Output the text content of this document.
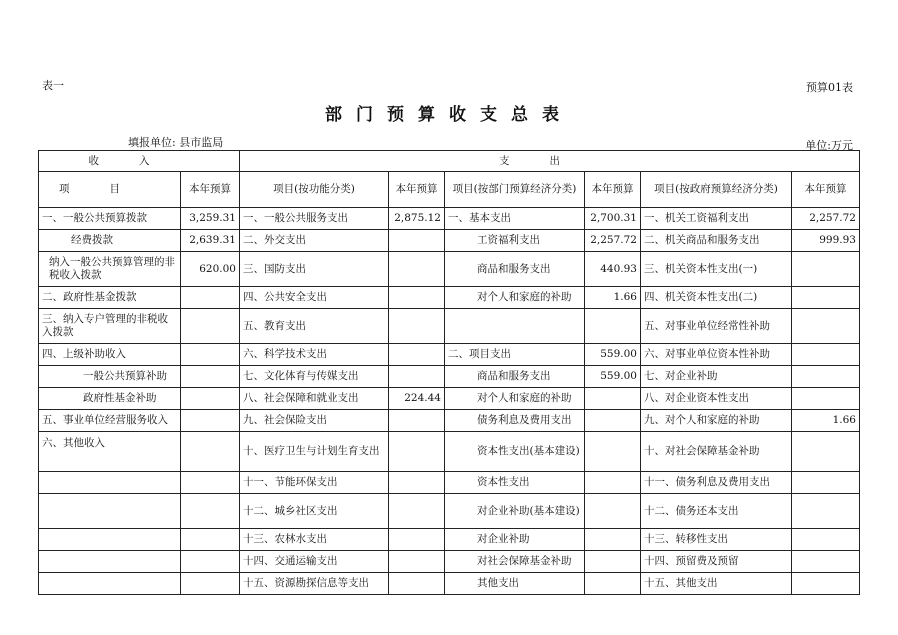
表一	预算01表
部门预算收支总表
填报单位: 县市监局	单位:万元
收入		支出					
项目	本年预算	项目(按功能分类)	本年预算	项目(按部门预算经济分类)	本年预算	项目(按政府预算经济分类)	本年预算
一、一般公共预算拨款	3,259.31	一、一般公共服务支出	2,875.12	一、基本支出	2,700.31	一、机关工资福利支出	2,257.72
经费拨款	2,639.31	二、外交支出		工资福利支出	2,257.72	二、机关商品和服务支出	999.93
纳入一般公共预算管理的非税收入拨款	620.00	三、国防支出		商品和服务支出	440.93	三、机关资本性支出(一)	
二、政府性基金拨款		四、公共安全支出		对个人和家庭的补助	1.66	四、机关资本性支出(二)	
三、纳入专户管理的非税收入拨款		五、教育支出				五、对事业单位经常性补助	
四、上级补助收入		六、科学技术支出		二、项目支出	559.00	六、对事业单位资本性补助	
一般公共预算补助		七、文化体育与传媒支出		商品和服务支出	559.00	七、对企业补助	
政府性基金补助		八、社会保障和就业支出	224.44	对个人和家庭的补助		八、对企业资本性支出	
五、事业单位经营服务收入		九、社会保险支出		债务利息及费用支出		九、对个人和家庭的补助	1.66
六、其他收入		十、医疗卫生与计划生育支出		资本性支出(基本建设)		十、对社会保障基金补助	
		十一、节能环保支出		资本性支出		十一、债务利息及费用支出	
		十二、城乡社区支出		对企业补助(基本建设)		十二、债务还本支出	
		十三、农林水支出		对企业补助		十三、转移性支出	
		十四、交通运输支出		对社会保障基金补助		十四、预留费及预留	
		十五、资源勘探信息等支出		其他支出		十五、其他支出	
